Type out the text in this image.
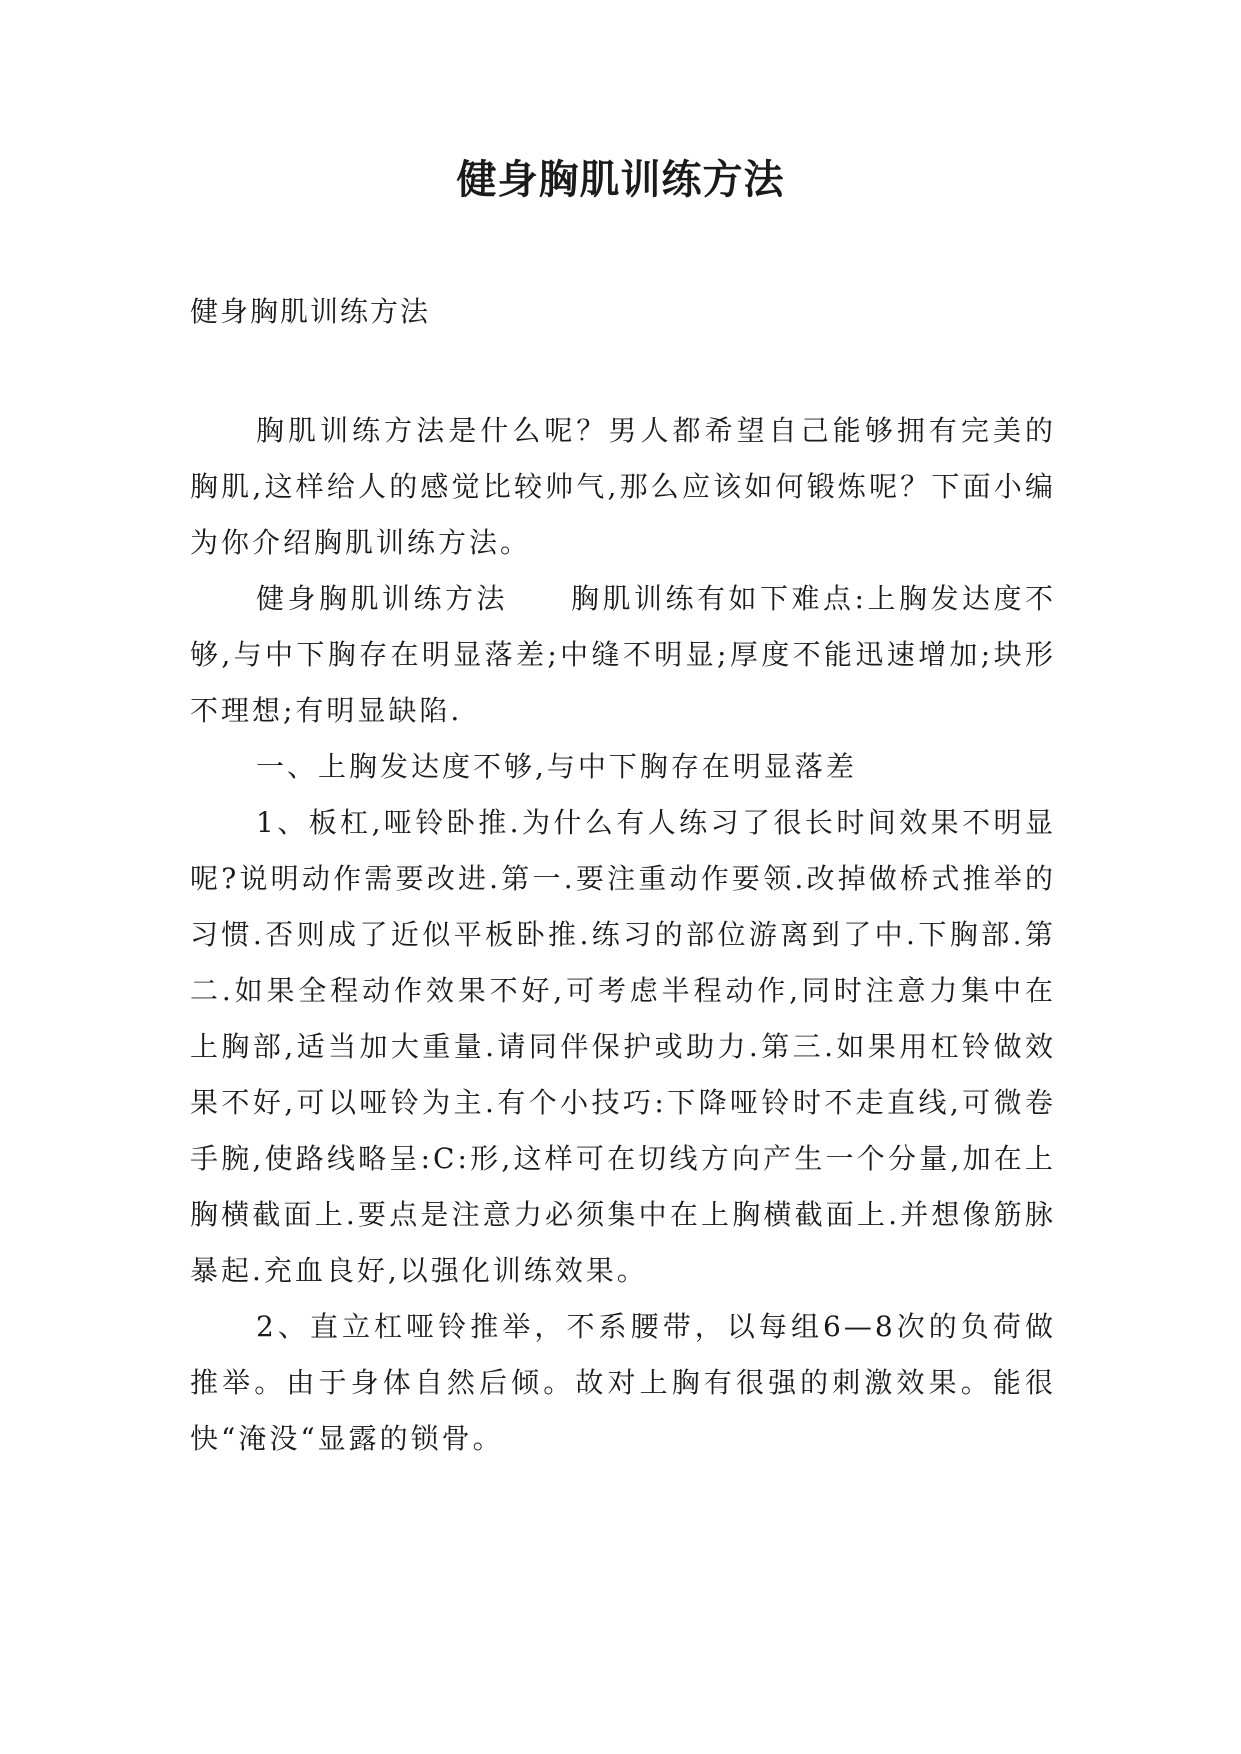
健身胸肌训练方法
健身胸肌训练方法

胸肌训练方法是什么呢？男人都希望自己能够拥有完美的胸肌,这样给人的感觉比较帅气,那么应该如何锻炼呢？下面小编为你介绍胸肌训练方法。

健身胸肌训练方法　　胸肌训练有如下难点:上胸发达度不够,与中下胸存在明显落差;中缝不明显;厚度不能迅速增加;块形不理想;有明显缺陷.

一、上胸发达度不够,与中下胸存在明显落差

1、板杠,哑铃卧推.为什么有人练习了很长时间效果不明显呢?说明动作需要改进.第一.要注重动作要领.改掉做桥式推举的习惯.否则成了近似平板卧推.练习的部位游离到了中.下胸部.第二.如果全程动作效果不好,可考虑半程动作,同时注意力集中在上胸部,适当加大重量.请同伴保护或助力.第三.如果用杠铃做效果不好,可以哑铃为主.有个小技巧:下降哑铃时不走直线,可微卷手腕,使路线略呈:C:形,这样可在切线方向产生一个分量,加在上胸横截面上.要点是注意力必须集中在上胸横截面上.并想像筋脉暴起.充血良好,以强化训练效果。

2、直立杠哑铃推举，不系腰带，以每组6—8次的负荷做推举。由于身体自然后倾。故对上胸有很强的刺激效果。能很快“淹没“显露的锁骨。
